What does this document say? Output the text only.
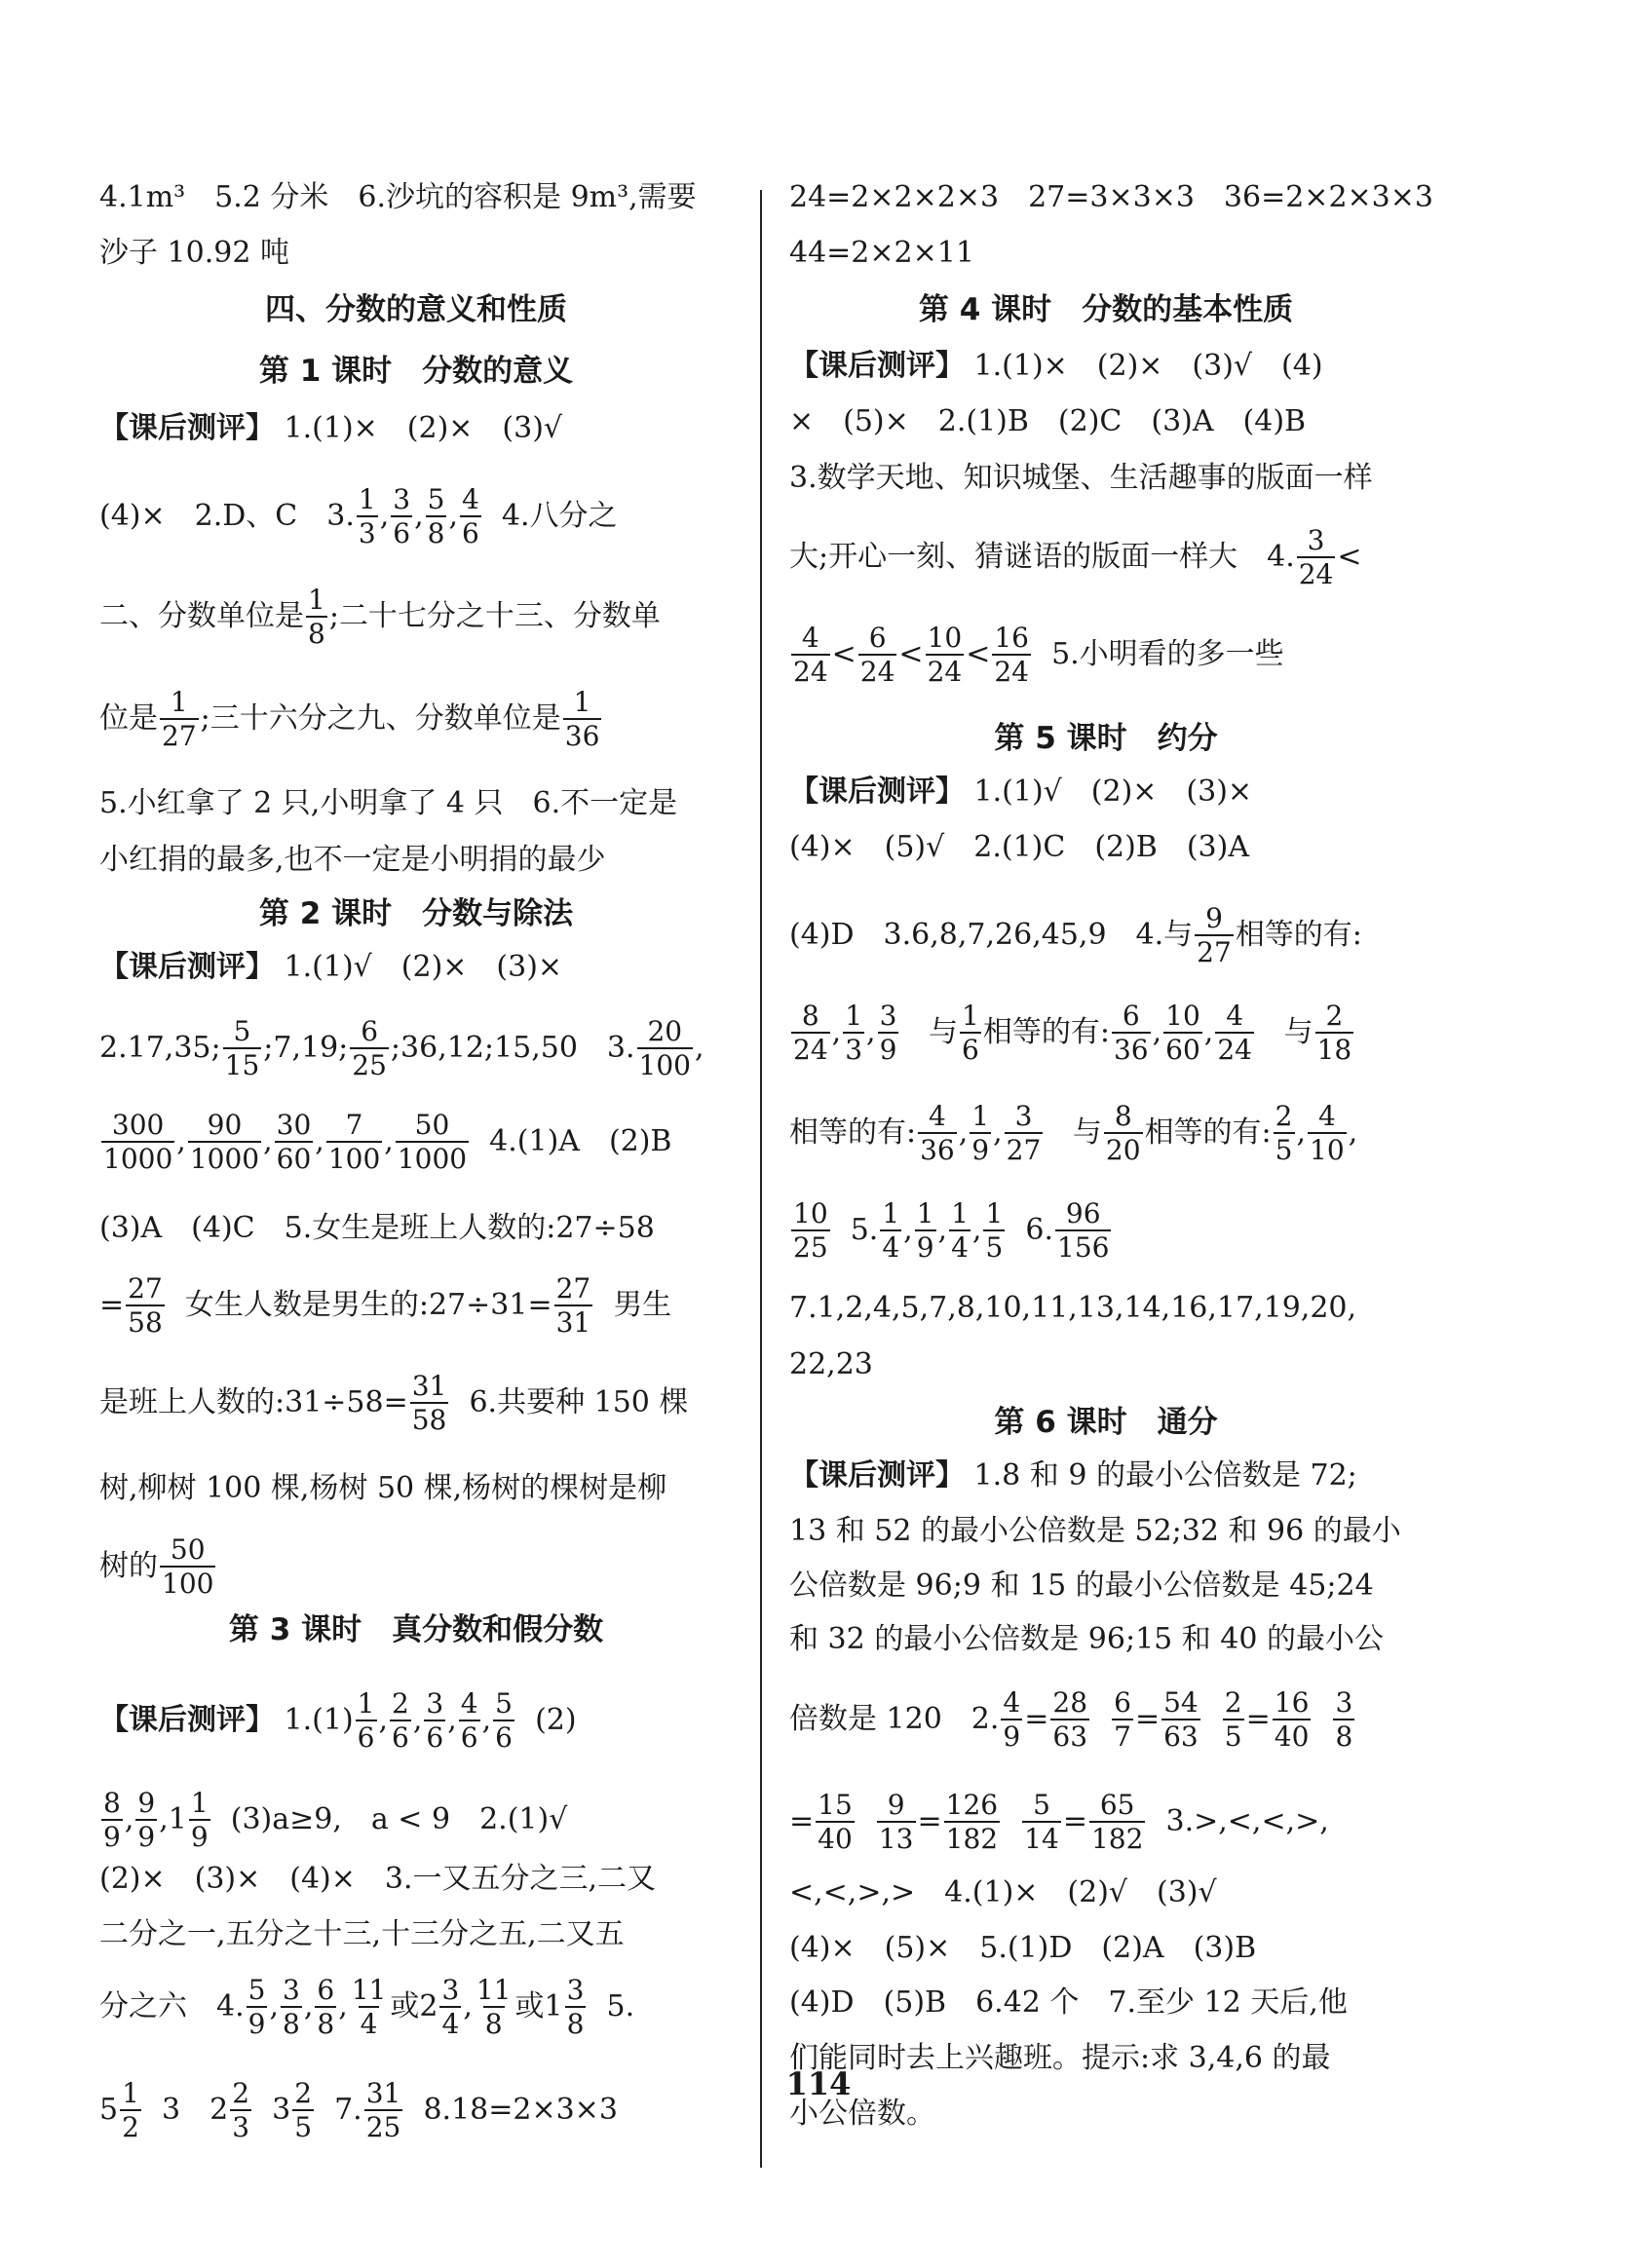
4.1m³　5.2 分米　6.沙坑的容积是 9m³,需要
沙子 10.92 吨
四、分数的意义和性质
第 1 课时　分数的意义
【课后测评】
1.(1)×　(2)×　(3)√
(4)×　2.D、C　3. 1
3
, 3
6
, 5
8
, 4
6

4.八分之
二、分数单位是 1
8
;二十七分之十三、分数单
位是 1
27
;三十六分之九、分数单位是 1
36
5.小红拿了 2 只,小明拿了 4 只　6.不一定是
小红捐的最多,也不一定是小明捐的最少
第 2 课时　分数与除法
【课后测评】
1.(1)√　(2)×　(3)×
2.17,35; 5
15
;7,19; 6
25
;36,12;15,50　3. 20
100
,
300
1000
, 90
1000
, 30
60
, 7
100
, 50
1000

4.(1)A　(2)B
(3)A　(4)C　5.女生是班上人数的:27÷58
= $\frac{27}{58}$
女生人数是男生的:27÷31= $\frac{27}{31}$
男生
是班上人数的:31÷58= $\frac{31}{58}$
6.共要种 150 棵
树,柳树 100 棵,杨树 50 棵,杨树的棵树是柳
树的 50
100
第 3 课时　真分数和假分数
【课后测评】
1.(1) 1
6
, 2
6
, 3
6
, 4
6
, 5
6

(2)
8
9
, 9
9
, 1 1
9

(3)a≥9,　a < 9　2.(1)√
(2)×　(3)×　(4)×　3.一又五分之三,二又
二分之一,五分之十三,十三分之五,二又五
分之六　4. 5
9
, 3
8
, 6
8
, 11
4
或2 3
4
, 11
8
或1 3
8

5.
5 1
2

3　2 2
3

3 2
5

7. 31
25

8.18=2×3×3
24=2×2×2×3　27=3×3×3　36=2×2×3×3
44=2×2×11
第 4 课时　分数的基本性质
【课后测评】
1.(1)×　(2)×　(3)√　(4)
×　(5)×　2.(1)B　(2)C　(3)A　(4)B
3.数学天地、知识城堡、生活趣事的版面一样
大;开心一刻、猜谜语的版面一样大　4. 3
24
<
4
24
< 6
24
< 10
24
< 16
24

5.小明看的多一些
第 5 课时　约分
【课后测评】
1.(1)√　(2)×　(3)×
(4)×　(5)√　2.(1)C　(2)B　(3)A
(4)D　3.6,8,7,26,45,9　4.与 9
27
相等的有:
8
24
, 1
3
, 3
9

与 1
6
相等的有: 6
36
, 10
60
, 4
24

与 2
18
相等的有: 4
36
, 1
9
, 3
27

与 8
20
相等的有: 2
5
, 4
10
,
10
25

5. 1
4
, 1
9
, 1
4
, 1
5

6. 96
156
7.1,2,4,5,7,8,10,11,13,14,16,17,19,20,
22,23
第 6 课时　通分
【课后测评】
1.8 和 9 的最小公倍数是 72;
13 和 52 的最小公倍数是 52;32 和 96 的最小
公倍数是 96;9 和 15 的最小公倍数是 45;24
和 32 的最小公倍数是 96;15 和 40 的最小公
倍数是 120　2. $\frac{4}{9} = \frac{28}{63}$
$\frac{6}{7} = \frac{54}{63}$
$\frac{2}{5} = \frac{16}{40}$
3
8
= $\frac{15}{40}$
$\frac{9}{13} = \frac{126}{182}$
$\frac{5}{14} = \frac{65}{182}$
3.>,<,<,>,
<,<,>,>　4.(1)×　(2)√　(3)√
(4)×　(5)×　5.(1)D　(2)A　(3)B
(4)D　(5)B　6.42 个　7.至少 12 天后,他
们能同时去上兴趣班。提示:求 3,4,6 的最
小公倍数。
114
